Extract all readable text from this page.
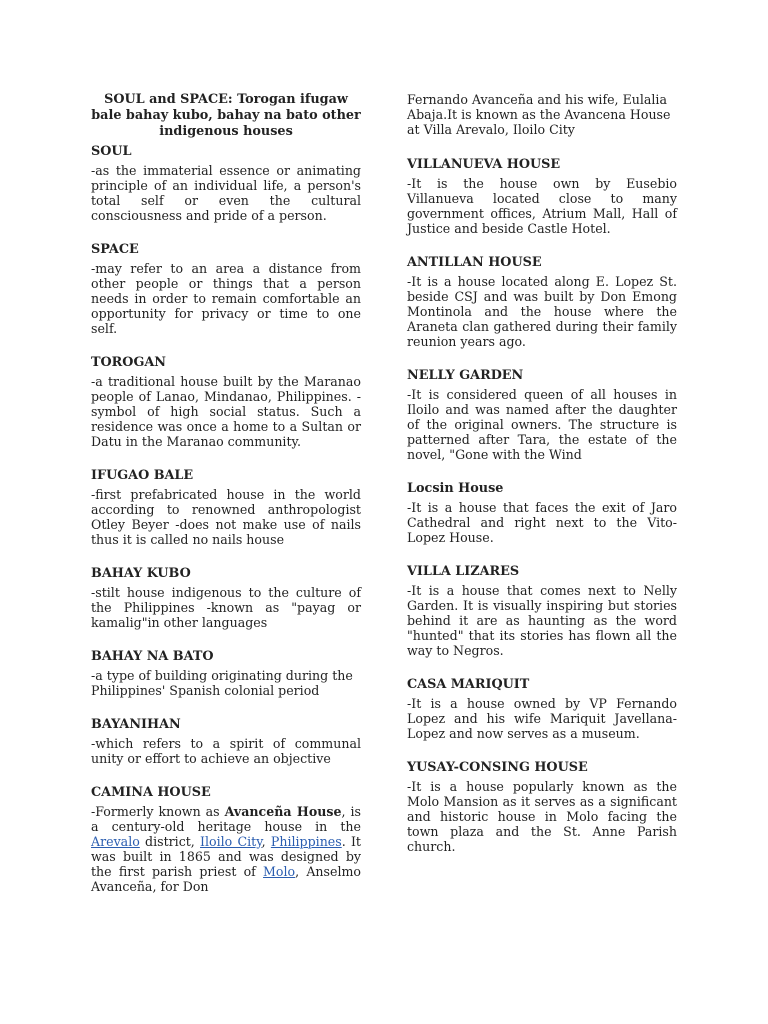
SOUL and SPACE: Torogan ifugaw bale bahay kubo, bahay na bato other indigenous houses
SOUL

-as the immaterial essence or animating principle of an individual life, a person's total self or even the cultural consciousness and pride of a person.

SPACE

-may refer to an area a distance from other people or things that a person needs in order to remain comfortable an opportunity for privacy or time to one self.

TOROGAN

-a traditional house built by the Maranao people of Lanao, Mindanao, Philippines. -symbol of high social status. Such a residence was once a home to a Sultan or Datu in the Maranao community.

IFUGAO BALE

-first prefabricated house in the world according to renowned anthropologist Otley Beyer -does not make use of nails thus it is called no nails house

BAHAY KUBO

-stilt house indigenous to the culture of the Philippines -known as "payag or kamalig"in other languages

BAHAY NA BATO

-a type of building originating during the Philippines' Spanish colonial period

BAYANIHAN

-which refers to a spirit of communal unity or effort to achieve an objective

CAMINA HOUSE

-Formerly known as Avanceña House, is a century-old heritage house in the Arevalo district, Iloilo City, Philippines. It was built in 1865 and was designed by the first parish priest of Molo, Anselmo Avanceña, for Don

Fernando Avanceña and his wife, Eulalia Abaja.It is known as the Avancena House at Villa Arevalo, Iloilo City

VILLANUEVA HOUSE

-It is the house own by Eusebio Villanueva located close to many government offices, Atrium Mall, Hall of Justice and beside Castle Hotel.

ANTILLAN HOUSE

-It is a house located along E. Lopez St. beside CSJ and was built by Don Emong Montinola and the house where the Araneta clan gathered during their family reunion years ago.

NELLY GARDEN

-It is considered queen of all houses in Iloilo and was named after the daughter of the original owners. The structure is patterned after Tara, the estate of the novel, "Gone with the Wind

Locsin House

-It is a house that faces the exit of Jaro Cathedral and right next to the Vito-Lopez House.

VILLA LIZARES

-It is a house that comes next to Nelly Garden. It is visually inspiring but stories behind it are as haunting as the word "hunted" that its stories has flown all the way to Negros.

CASA MARIQUIT

-It is a house owned by VP Fernando Lopez and his wife Mariquit Javellana-Lopez and now serves as a museum.

YUSAY-CONSING HOUSE

-It is a house popularly known as the Molo Mansion as it serves as a significant and historic house in Molo facing the town plaza and the St. Anne Parish church.
